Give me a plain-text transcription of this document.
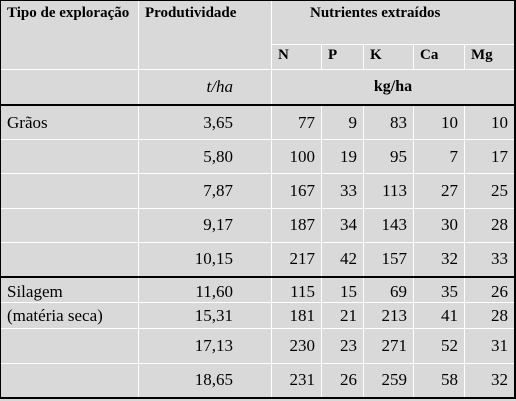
Tipo de exploração	Produtividade	Nutrientes extraídos				
		N	P	K	Ca	Mg
	t/ha	kg/ha				
Grãos	3,65	77	9	83	10	10
	5,80	100	19	95	7	17
	7,87	167	33	113	27	25
	9,17	187	34	143	30	28
	10,15	217	42	157	32	33
Silagem	11,60	115	15	69	35	26
(matéria seca)	15,31	181	21	213	41	28
	17,13	230	23	271	52	31
	18,65	231	26	259	58	32
